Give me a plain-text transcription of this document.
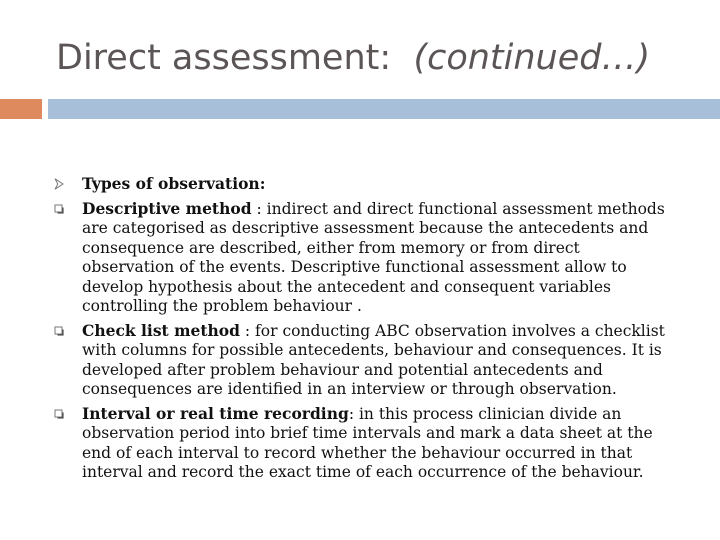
Direct assessment: (continued…)
Types of observation:
Descriptive method : indirect and direct functional assessment methods are categorised as descriptive assessment because the antecedents and consequence are described, either from memory or from direct observation of the events. Descriptive functional assessment allow to develop hypothesis about the antecedent and consequent variables controlling the problem behaviour .
Check list method : for conducting ABC observation involves a checklist with columns for possible antecedents, behaviour and consequences. It is developed after problem behaviour and potential antecedents and consequences are identified in an interview or through observation.
Interval or real time recording: in this process clinician divide an observation period into brief time intervals and mark a data sheet at the end of each interval to record whether the behaviour occurred in that interval and record the exact time of each occurrence of the behaviour.
